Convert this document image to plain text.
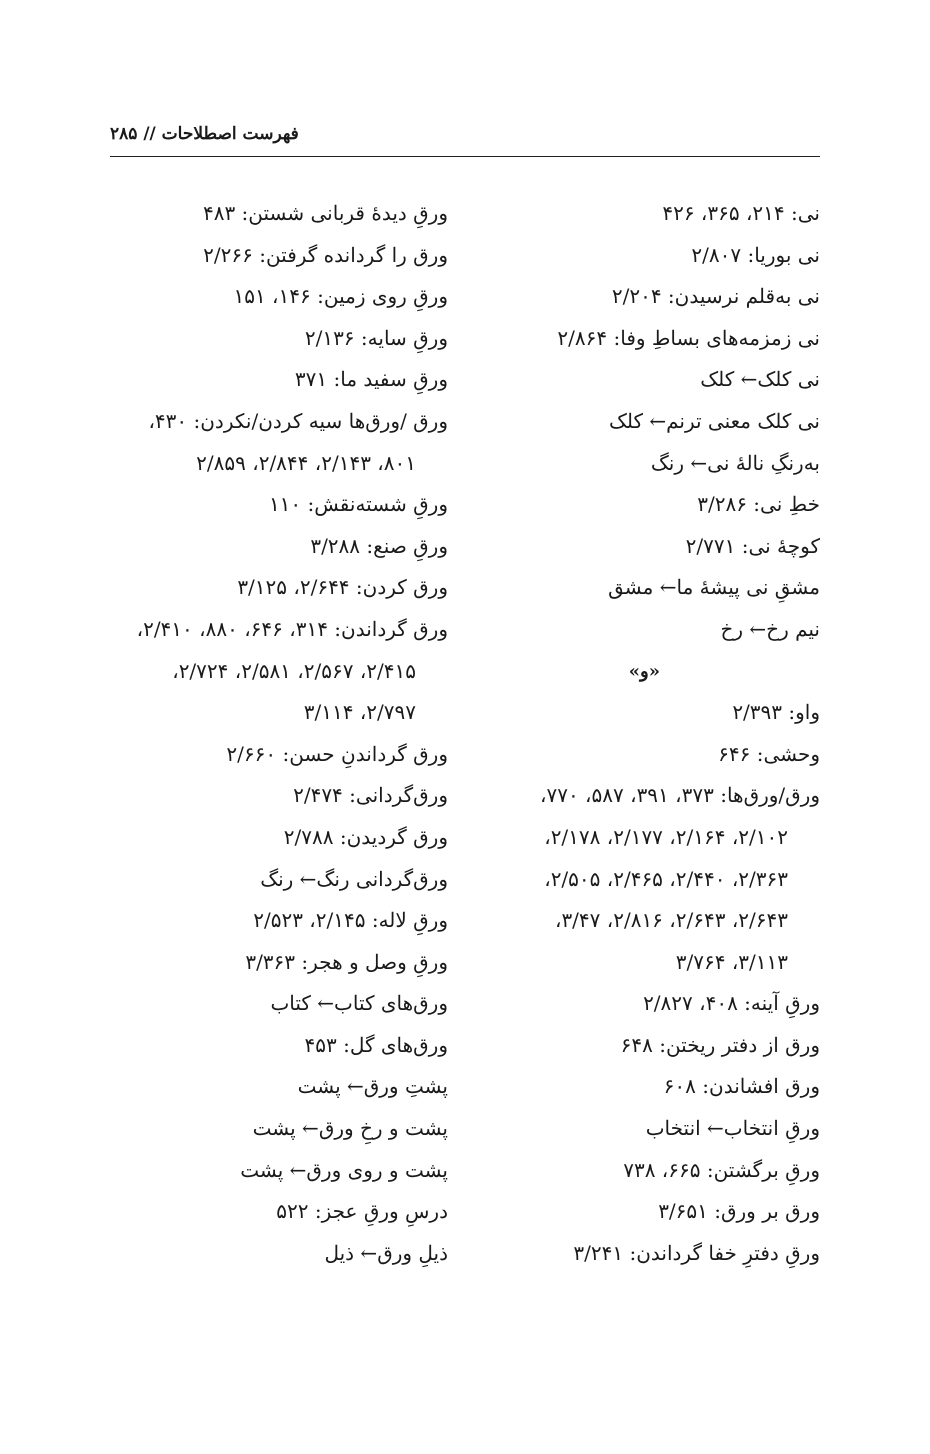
فهرست اصطلاحات // ۲۸۵
نی: ۲۱۴، ۳۶۵، ۴۲۶
نی بوریا: ۲/۸۰۷
نی به‌قلم نرسیدن: ۲/۲۰۴
نی زمزمه‌های بساطِ وفا: ۲/۸۶۴
نی کلک← کلک
نی کلک معنی ترنم← کلک
به‌رنگِ نالهٔ نی← رنگ
خطِ نی: ۳/۲۸۶
کوچهٔ نی: ۲/۷۷۱
مشقِ نی پیشهٔ ما← مشق
نیم رخ← رخ
«و»
واو: ۲/۳۹۳
وحشی: ۶۴۶
ورق/ورق‌ها: ۳۷۳، ۳۹۱، ۵۸۷، ۷۷۰،
۲/۱۰۲، ۲/۱۶۴، ۲/۱۷۷، ۲/۱۷۸،
۲/۳۶۳، ۲/۴۴۰، ۲/۴۶۵، ۲/۵۰۵،
۲/۶۴۳، ۲/۶۴۳، ۲/۸۱۶، ۳/۴۷،
۳/۱۱۳، ۳/۷۶۴
ورقِ آینه: ۴۰۸، ۲/۸۲۷
ورق از دفتر ریختن: ۶۴۸
ورق افشاندن: ۶۰۸
ورقِ انتخاب← انتخاب
ورقِ برگشتن: ۶۶۵، ۷۳۸
ورق بر ورق: ۳/۶۵۱
ورقِ دفترِ خفا گرداندن: ۳/۲۴۱
ورقِ دیدهٔ قربانی شستن: ۴۸۳
ورق را گردانده گرفتن: ۲/۲۶۶
ورقِ روی زمین: ۱۴۶، ۱۵۱
ورقِ سایه: ۲/۱۳۶
ورقِ سفید ما: ۳۷۱
ورق /ورق‌ها سیه کردن/نکردن: ۴۳۰،
۸۰۱، ۲/۱۴۳، ۲/۸۴۴، ۲/۸۵۹
ورقِ شسته‌نقش: ۱۱۰
ورقِ صنع: ۳/۲۸۸
ورق کردن: ۲/۶۴۴، ۳/۱۲۵
ورق گرداندن: ۳۱۴، ۶۴۶، ۸۸۰، ۲/۴۱۰،
۲/۴۱۵، ۲/۵۶۷، ۲/۵۸۱، ۲/۷۲۴،
۲/۷۹۷، ۳/۱۱۴
ورق گرداندنِ حسن: ۲/۶۶۰
ورق‌گردانی: ۲/۴۷۴
ورق گردیدن: ۲/۷۸۸
ورق‌گردانی رنگ← رنگ
ورقِ لاله: ۲/۱۴۵، ۲/۵۲۳
ورقِ وصل و هجر: ۳/۳۶۳
ورق‌های کتاب← کتاب
ورق‌های گل: ۴۵۳
پشتِ ورق← پشت
پشت و رخِ ورق← پشت
پشت و روی ورق← پشت
درسِ ورقِ عجز: ۵۲۲
ذیلِ ورق← ذیل
